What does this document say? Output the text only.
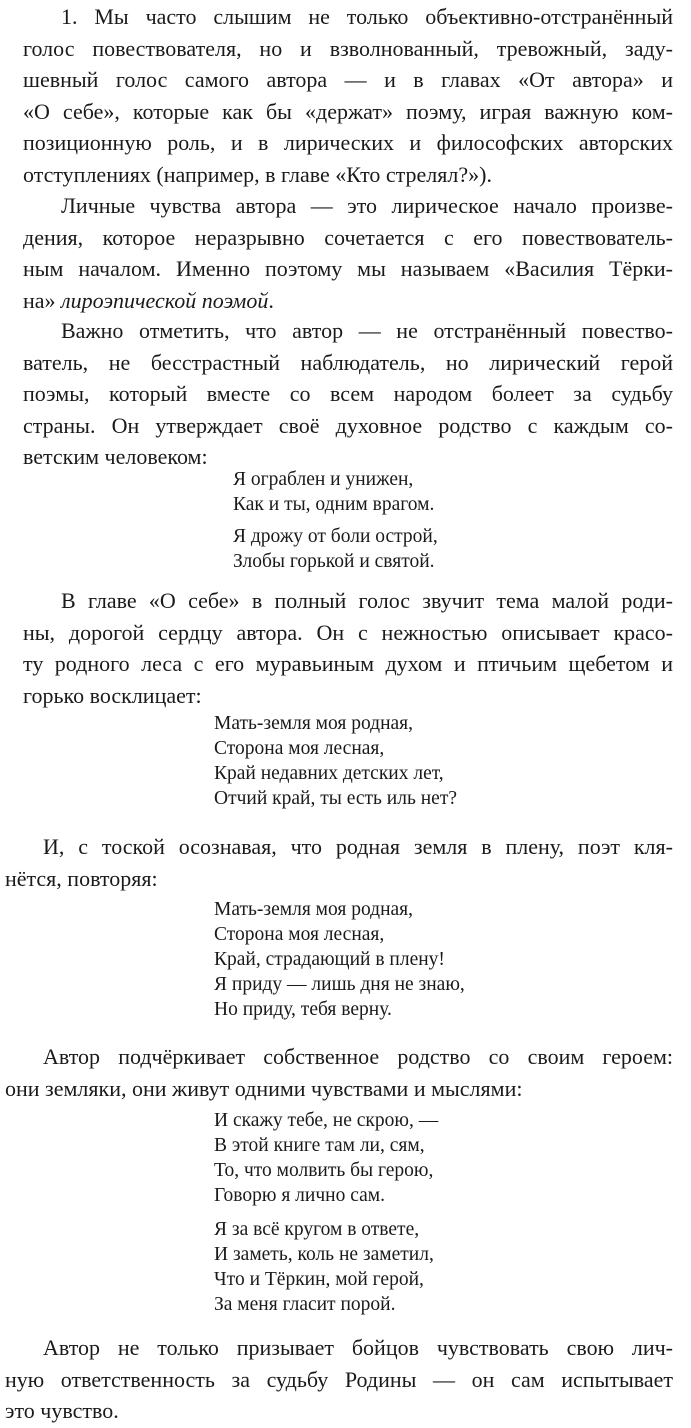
1. Мы часто слышим не только объективно-отстранённый
голос повествователя, но и взволнованный, тревожный, заду-
шевный голос самого автора — и в главах «От автора» и
«О себе», которые как бы «держат» поэму, играя важную ком-
позиционную роль, и в лирических и философских авторских
отступлениях (например, в главе «Кто стрелял?»).
Личные чувства автора — это лирическое начало произве-
дения, которое неразрывно сочетается с его повествователь-
ным началом. Именно поэтому мы называем «Василия Тёрки-
на» лироэпической поэмой.
Важно отметить, что автор — не отстранённый повество-
ватель, не бесстрастный наблюдатель, но лирический герой
поэмы, который вместе со всем народом болеет за судьбу
страны. Он утверждает своё духовное родство с каждым со-
ветским человеком:
Я ограблен и унижен,
Как и ты, одним врагом.
Я дрожу от боли острой,
Злобы горькой и святой.
В главе «О себе» в полный голос звучит тема малой роди-
ны, дорогой сердцу автора. Он с нежностью описывает красо-
ту родного леса с его муравьиным духом и птичьим щебетом и
горько восклицает:
Мать-земля моя родная,
Сторона моя лесная,
Край недавних детских лет,
Отчий край, ты есть иль нет?
И, с тоской осознавая, что родная земля в плену, поэт кля-
нётся, повторяя:
Мать-земля моя родная,
Сторона моя лесная,
Край, страдающий в плену!
Я приду — лишь дня не знаю,
Но приду, тебя верну.
Автор подчёркивает собственное родство со своим героем:
они земляки, они живут одними чувствами и мыслями:
И скажу тебе, не скрою, —
В этой книге там ли, сям,
То, что молвить бы герою,
Говорю я лично сам.
Я за всё кругом в ответе,
И заметь, коль не заметил,
Что и Тёркин, мой герой,
За меня гласит порой.
Автор не только призывает бойцов чувствовать свою лич-
ную ответственность за судьбу Родины — он сам испытывает
это чувство.
